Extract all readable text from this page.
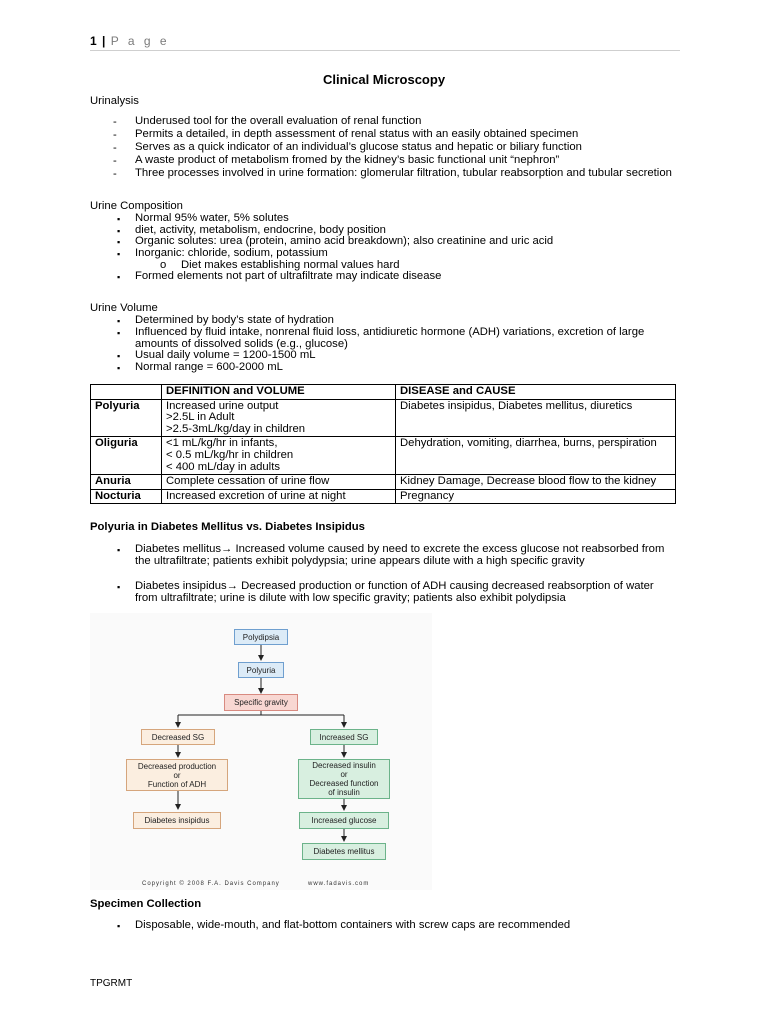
1 | P a g e
Clinical Microscopy
Urinalysis
- Underused tool for the overall evaluation of renal function
- Permits a detailed, in depth assessment of renal status with an easily obtained specimen
- Serves as a quick indicator of an individual’s glucose status and hepatic or biliary function
- A waste product of metabolism fromed by the kidney’s basic functional unit “nephron”
- Three processes involved in urine formation: glomerular filtration, tubular reabsorption and tubular secretion
Urine Composition
▪ Normal 95% water, 5% solutes
▪ diet, activity, metabolism, endocrine, body position
▪ Organic solutes: urea (protein, amino acid breakdown); also creatinine and uric acid
▪ Inorganic: chloride, sodium, potassium
o Diet makes establishing normal values hard
▪ Formed elements not part of ultrafiltrate may indicate disease
Urine Volume
▪ Determined by body’s state of hydration
▪ Influenced by fluid intake, nonrenal fluid loss, antidiuretic hormone (ADH) variations, excretion of large amounts of dissolved solids (e.g., glucose)
▪ Usual daily volume = 1200-1500 mL
▪ Normal range = 600-2000 mL
	DEFINITION and VOLUME	DISEASE and CAUSE
Polyuria	Increased urine output
>2.5L in Adult
>2.5-3mL/kg/day in children	Diabetes insipidus, Diabetes mellitus, diuretics
Oliguria	<1 mL/kg/hr in infants,
< 0.5 mL/kg/hr in children
< 400 mL/day in adults	Dehydration, vomiting, diarrhea, burns, perspiration
Anuria	Complete cessation of urine flow	Kidney Damage, Decrease blood flow to the kidney
Nocturia	Increased excretion of urine at night	Pregnancy
Polyuria in Diabetes Mellitus vs. Diabetes Insipidus
▪ Diabetes mellitus→ Increased volume caused by need to excrete the excess glucose not reabsorbed from the ultrafiltrate; patients exhibit polydypsia; urine appears dilute with a high specific gravity
▪ Diabetes insipidus→ Decreased production or function of ADH causing decreased reabsorption of water from ultrafiltrate; urine is dilute with low specific gravity; patients also exhibit polydipsia
Polydipsia
Polyuria
Specific gravity
Decreased SG	Increased SG
Decreased production
or
Function of ADH
Decreased insulin
or
Decreased function
of insulin
Diabetes insipidus	Increased glucose
Diabetes mellitus
Copyright © 2008 F.A. Davis Company	www.fadavis.com
Specimen Collection
▪ Disposable, wide-mouth, and flat-bottom containers with screw caps are recommended
TPGRMT
